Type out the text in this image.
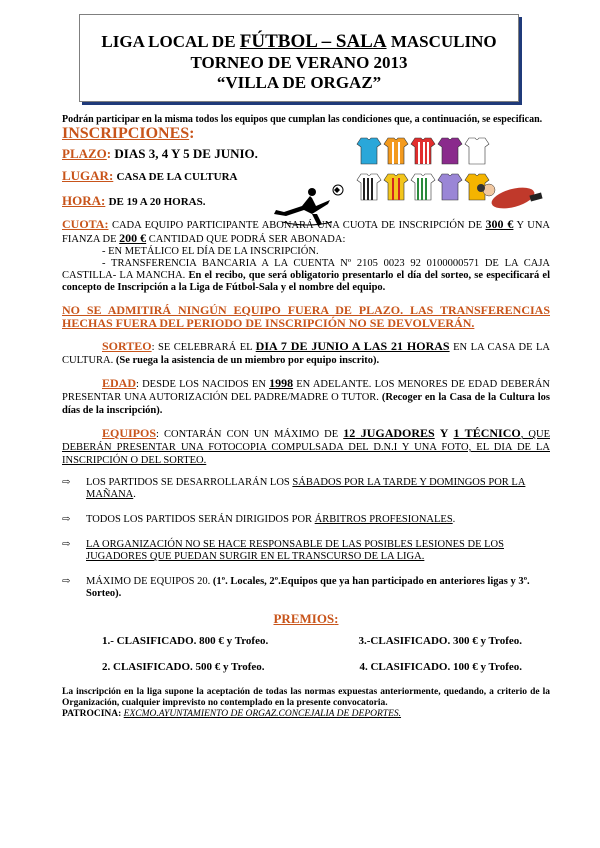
LIGA LOCAL DE FÚTBOL – SALA MASCULINO
TORNEO DE VERANO 2013
“VILLA DE ORGAZ”
Podrán participar en la misma todos los equipos que cumplan las condiciones que, a continuación, se especifican.
INSCRIPCIONES:
PLAZO: DIAS 3, 4 Y 5 DE JUNIO.
LUGAR: CASA DE LA CULTURA
HORA: DE 19 A 20 HORAS.
CUOTA: CADA EQUIPO PARTICIPANTE ABONARÁ UNA CUOTA DE INSCRIPCIÓN DE 300 € Y UNA FIANZA DE 200 € CANTIDAD QUE PODRÁ SER ABONADA:
- EN METÁLICO EL DÍA DE LA INSCRIPCIÓN.
- TRANSFERENCIA BANCARIA A LA CUENTA Nº 2105 0023 92 0100000571 DE LA CAJA CASTILLA- LA MANCHA. En el recibo, que será obligatorio presentarlo el día del sorteo, se especificará el concepto de Inscripción a la Liga de Fútbol-Sala y el nombre del equipo.
NO SE ADMITIRÁ NINGÚN EQUIPO FUERA DE PLAZO. LAS TRANSFERENCIAS HECHAS FUERA DEL PERIODO DE INSCRIPCIÓN NO SE DEVOLVERÁN.
SORTEO: SE CELEBRARÁ EL DIA 7 DE JUNIO A LAS 21 HORAS EN LA CASA DE LA CULTURA. (Se ruega la asistencia de un miembro por equipo inscrito).
EDAD: DESDE LOS NACIDOS EN 1998 EN ADELANTE. LOS MENORES DE EDAD DEBERÁN PRESENTAR UNA AUTORIZACIÓN DEL PADRE/MADRE O TUTOR. (Recoger en la Casa de la Cultura los días de la inscripción).
EQUIPOS: CONTARÁN CON UN MÁXIMO DE 12 JUGADORES Y 1 TÉCNICO, QUE DEBERÁN PRESENTAR UNA FOTOCOPIA COMPULSADA DEL D.N.I Y UNA FOTO, EL DIA DE LA INSCRIPCIÓN O DEL SORTEO.
⇨ LOS PARTIDOS SE DESARROLLARÁN LOS SÁBADOS POR LA TARDE Y DOMINGOS POR LA MAÑANA.
⇨ TODOS LOS PARTIDOS SERÁN DIRIGIDOS POR ÁRBITROS PROFESIONALES.
⇨ LA ORGANIZACIÓN NO SE HACE RESPONSABLE DE LAS POSIBLES LESIONES DE LOS JUGADORES QUE PUEDAN SURGIR EN EL TRANSCURSO DE LA LIGA.
⇨ MÁXIMO DE EQUIPOS 20. (1º. Locales, 2º.Equipos que ya han participado en anteriores ligas y 3º. Sorteo).
PREMIOS:
1.- CLASIFICADO. 800 € y Trofeo.	3.-CLASIFICADO. 300 € y Trofeo.
2. CLASIFICADO. 500 € y Trofeo.	4. CLASIFICADO. 100 € y Trofeo.
La inscripción en la liga supone la aceptación de todas las normas expuestas anteriormente, quedando, a criterio de la Organización, cualquier imprevisto no contemplado en la presente convocatoria.
PATROCINA: EXCMO.AYUNTAMIENTO DE ORGAZ.CONCEJALIA DE DEPORTES.
